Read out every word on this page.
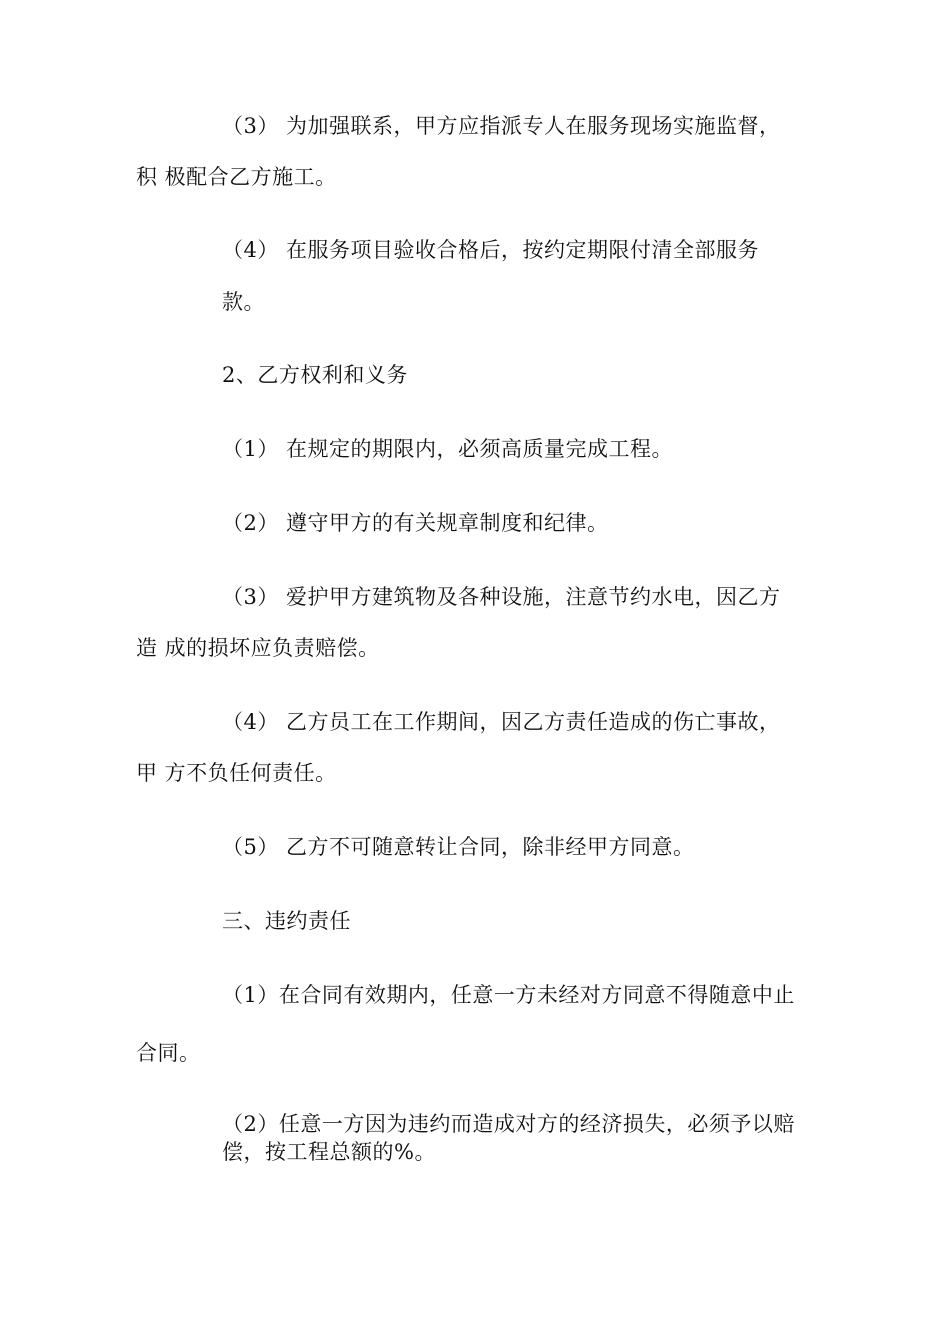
（3） 为加强联系，甲方应指派专人在服务现场实施监督，
积 极配合乙方施工。
（4） 在服务项目验收合格后，按约定期限付清全部服务
款。
2、乙方权利和义务
（1） 在规定的期限内，必须高质量完成工程。
（2） 遵守甲方的有关规章制度和纪律。
（3） 爱护甲方建筑物及各种设施，注意节约水电，因乙方
造 成的损坏应负责赔偿。
（4） 乙方员工在工作期间，因乙方责任造成的伤亡事故，
甲 方不负任何责任。
（5） 乙方不可随意转让合同，除非经甲方同意。
三、违约责任
（1）在合同有效期内，任意一方未经对方同意不得随意中止
合同。
（2）任意一方因为违约而造成对方的经济损失，必须予以赔
偿，按工程总额的%。
